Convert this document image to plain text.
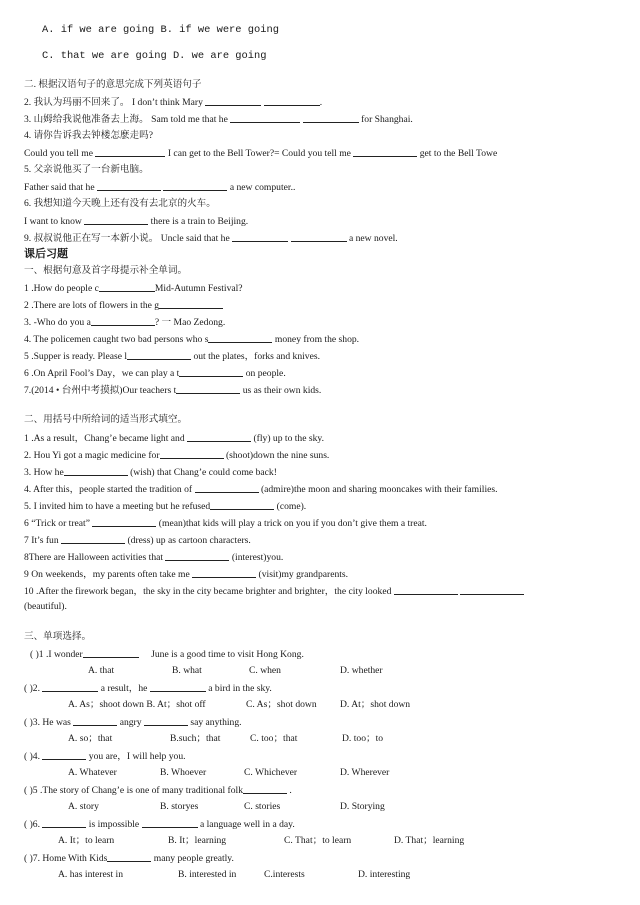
A. if we are going B. if we were going
C. that we are going D. we are going
二. 根据汉语句子的意思完成下列英语句子
2. 我认为玛丽不回来了。 I don’t think Mary	.
3. 山姆给我说他准备去上海。 Sam told me that he	for Shanghai.
4. 请你告诉我去钟楼怎麽走吗?
Could you tell me	I can get to the Bell Tower?= Could you tell me	get to the Bell Towe
5. 父亲说他买了一台新电脑。
Father said that he	a new computer..
6. 我想知道今天晚上还有没有去北京的火车。
I want to know	there is a train to Beijing.
9. 叔叔说他正在写一本新小说。 Uncle said that he	a new novel.
课后习题
一、根据句意及首字母提示补全单词。
1 .How do people c	Mid-Autumn Festival?
2 .There are lots of flowers in the g
3. -Who do you a	? 一 Mao Zedong.
4. The policemen caught two bad persons who s	money from the shop.
5 .Supper is ready. Please l	out the plates，forks and knives.
6 .On April Fool’s Day，we can play a t	on people.
7.(2014 • 台州中考摸拟)Our teachers t	us as their own kids.
二、用括号中所给词的适当形式填空。
1 .As a result，Chang’e became light and	(fly) up to the sky.
2. Hou Yi got a magic medicine for	(shoot)down the nine suns.
3. How he	(wish) that Chang’e could come back!
4. After this，people started the tradition of	(admire)the moon and sharing mooncakes with their families.
5. I invited him to have a meeting but he refused	(come).
6 “Trick or treat”	(mean)that kids will play a trick on you if you don’t give them a treat.
7 It’s fun	(dress) up as cartoon characters.
8There are Halloween activities that	(interest)you.
9 On weekends，my parents often take me	(visit)my grandparents.
10 .After the firework began，the sky in the city became brighter and brighter，the city looked
(beautiful).
三、单项选择。
( )1 .I wonder	June is a good time to visit Hong Kong.
A. that	B. what	C. when	D. whether
( )2.	a result，he	a bird in the sky.
A. As；shoot down B. At；shot off	C. As；shot down D. At；shot down
( )3. He was	angry	say anything.
A. so；that	B.such；that	C. too；that	D. too；to
( )4.	you are，I will help you.
A. Whatever	B. Whoever	C. Whichever	D. Wherever
( )5 .The story of Chang’e is one of many traditional folk	.
A. story	B. storyes	C. stories	D. Storying
( )6.	is impossible	a language well in a day.
A. It；to learn	B. It；learning	C. That；to learn	D. That；learning
( )7. Home With Kids	many people greatly.
A. has interest in	B. interested in	C.interests	D. interesting
